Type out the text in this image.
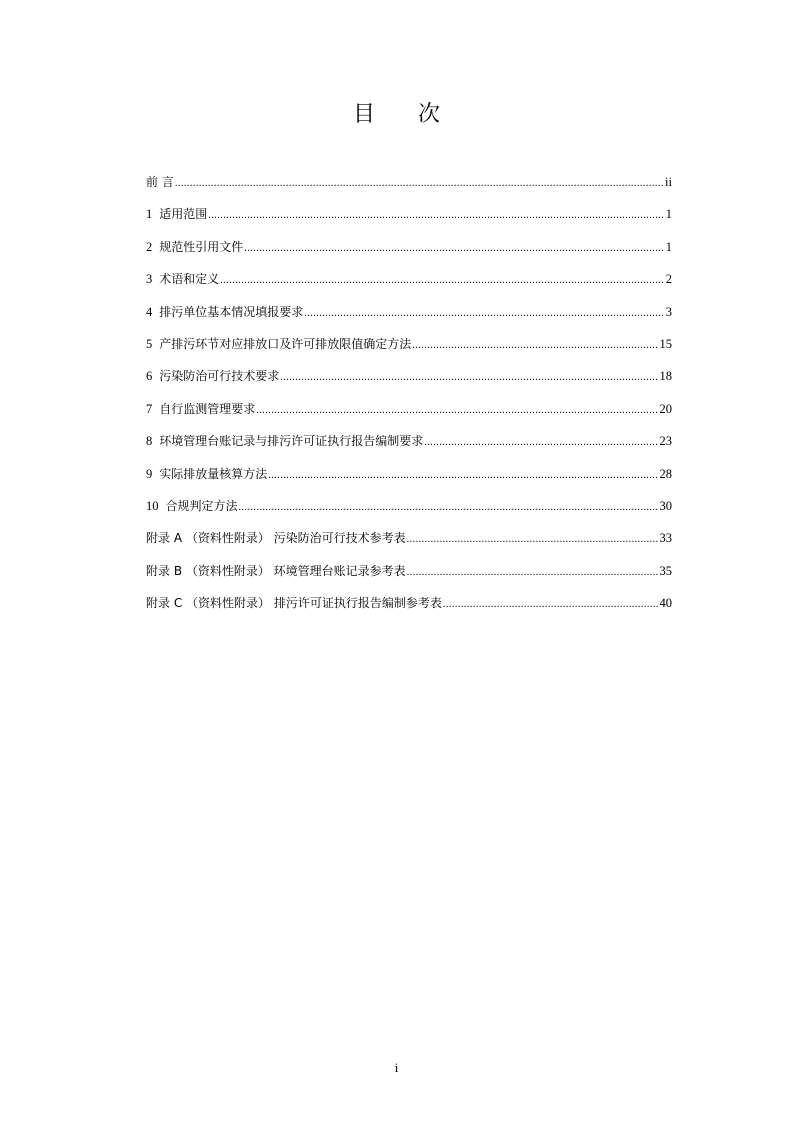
目 次
前 言 .....	ii
1 适用范围 .....	1
2 规范性引用文件 .....	1
3 术语和定义 .....	2
4 排污单位基本情况填报要求 .....	3
5 产排污环节对应排放口及许可排放限值确定方法 .....	15
6 污染防治可行技术要求 .....	18
7 自行监测管理要求 .....	20
8 环境管理台账记录与排污许可证执行报告编制要求 .....	23
9 实际排放量核算方法 .....	28
10 合规判定方法 .....	30
附录 A （资料性附录） 污染防治可行技术参考表 .....	33
附录 B （资料性附录） 环境管理台账记录参考表 .....	35
附录 C （资料性附录） 排污许可证执行报告编制参考表 .....	40
i
